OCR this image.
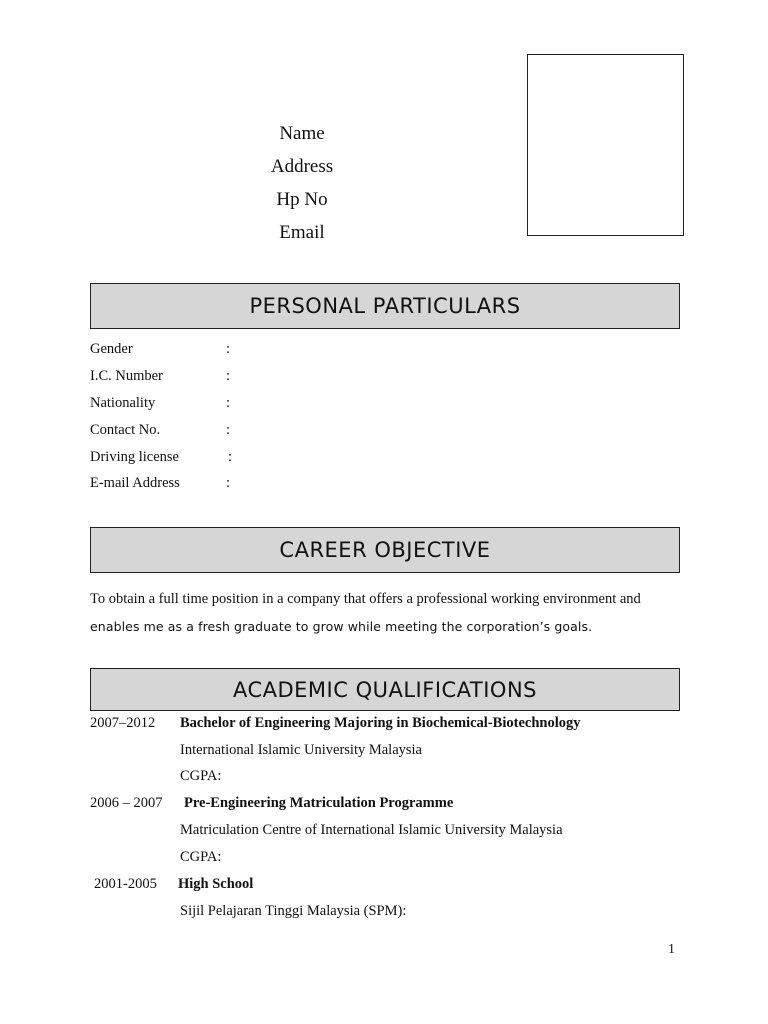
Name
Address
Hp No
Email
PERSONAL PARTICULARS
Gender	:
I.C. Number	:
Nationality	:
Contact No.	:
Driving license	:
E-mail Address	:
CAREER OBJECTIVE
To obtain a full time position in a company that offers a professional working environment and
enables me as a fresh graduate to grow while meeting the corporation’s goals.
ACADEMIC QUALIFICATIONS
2007–2012 Bachelor of Engineering Majoring in Biochemical-Biotechnology
International Islamic University Malaysia
CGPA:
2006 – 2007 Pre-Engineering Matriculation Programme
Matriculation Centre of International Islamic University Malaysia
CGPA:
2001-2005 High School
Sijil Pelajaran Tinggi Malaysia (SPM):
1
